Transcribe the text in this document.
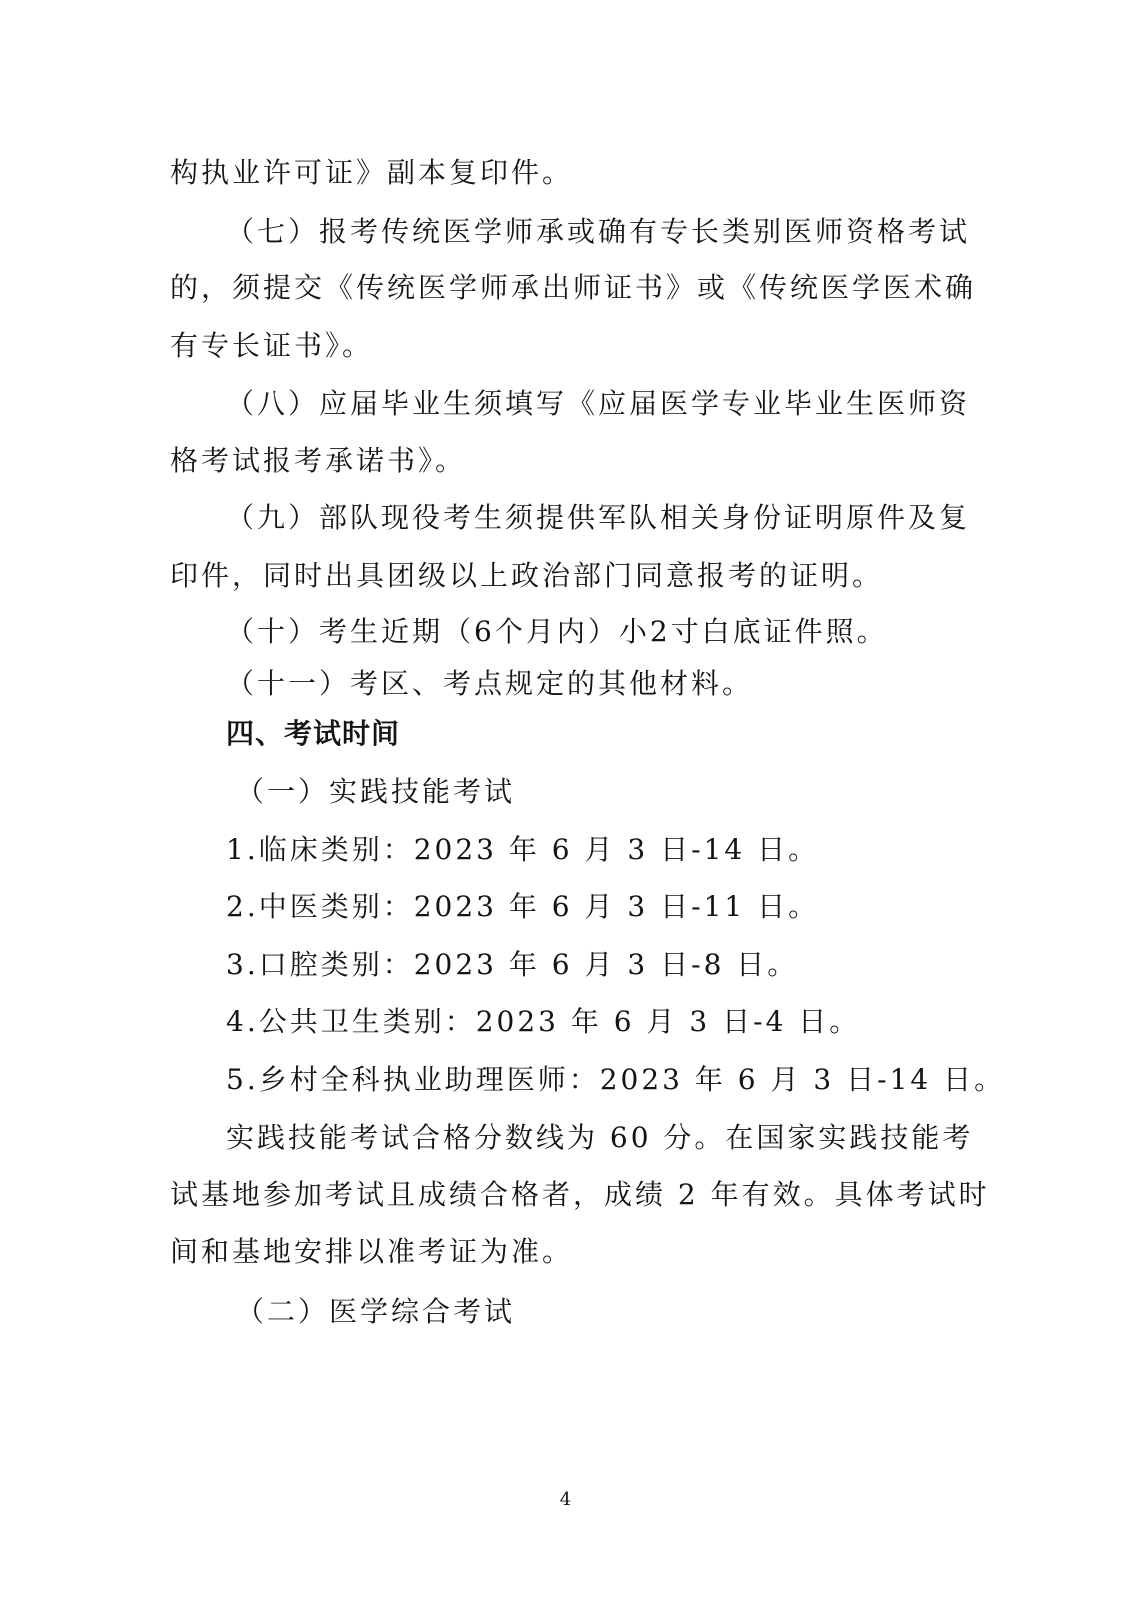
构执业许可证》副本复印件。
（七）报考传统医学师承或确有专长类别医师资格考试
的，须提交《传统医学师承出师证书》或《传统医学医术确
有专长证书》。
（八）应届毕业生须填写《应届医学专业毕业生医师资
格考试报考承诺书》。
（九）部队现役考生须提供军队相关身份证明原件及复
印件，同时出具团级以上政治部门同意报考的证明。
（十）考生近期（6个月内）小2寸白底证件照。
（十一）考区、考点规定的其他材料。
四、考试时间
（一）实践技能考试
1.临床类别：2023 年 6 月 3 日-14 日。
2.中医类别：2023 年 6 月 3 日-11 日。
3.口腔类别：2023 年 6 月 3 日-8 日。
4.公共卫生类别：2023 年 6 月 3 日-4 日。
5.乡村全科执业助理医师：2023 年 6 月 3 日-14 日。
实践技能考试合格分数线为 60 分。在国家实践技能考
试基地参加考试且成绩合格者，成绩 2 年有效。具体考试时
间和基地安排以准考证为准。
（二）医学综合考试
4
